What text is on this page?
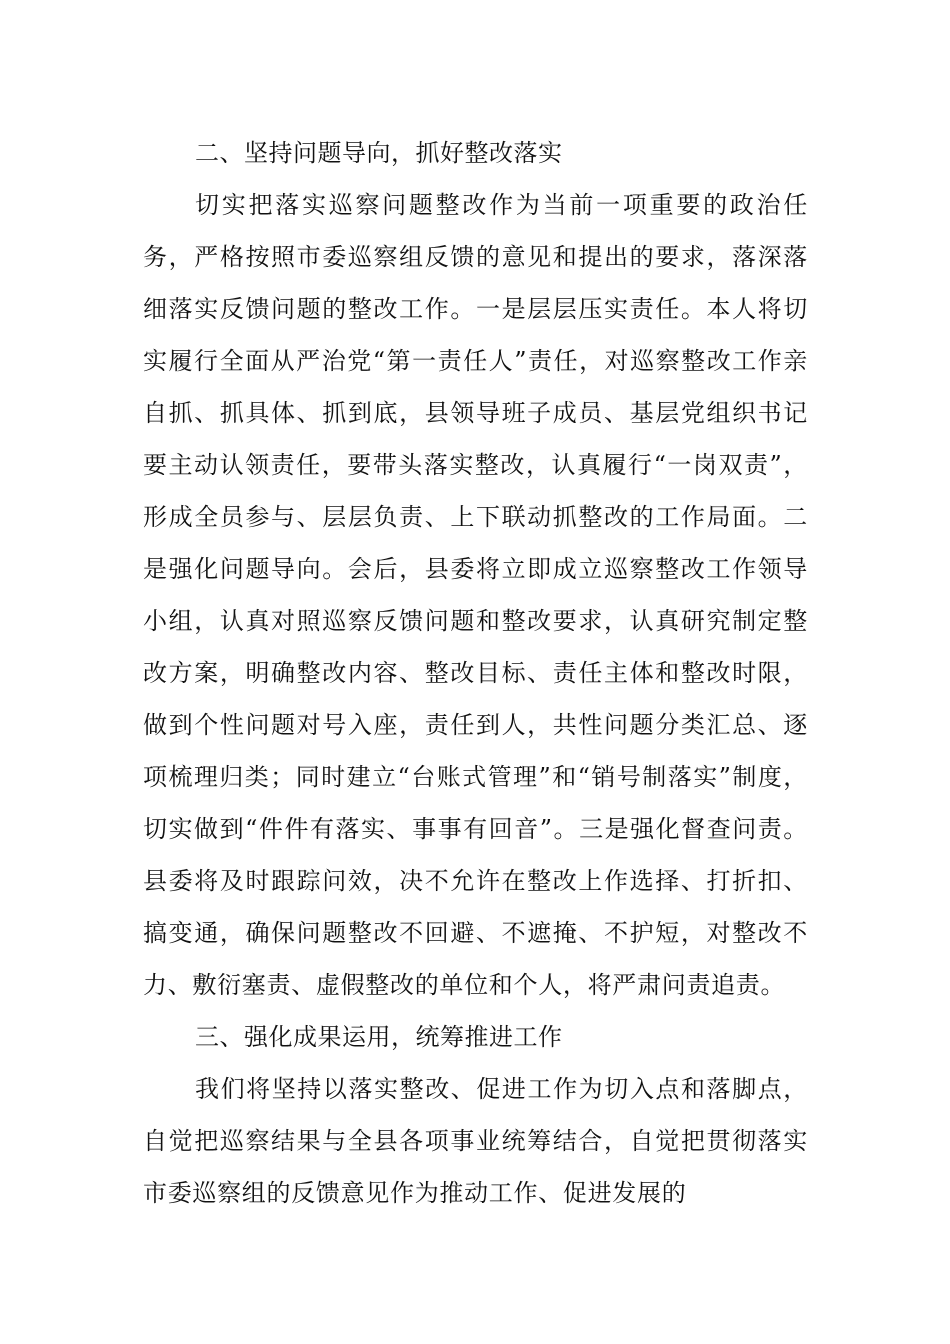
二、坚持问题导向，抓好整改落实

切实把落实巡察问题整改作为当前一项重要的政治任务，严格按照市委巡察组反馈的意见和提出的要求，落深落细落实反馈问题的整改工作。一是层层压实责任。本人将切实履行全面从严治党“第一责任人”责任，对巡察整改工作亲自抓、抓具体、抓到底，县领导班子成员、基层党组织书记要主动认领责任，要带头落实整改，认真履行“一岗双责”，形成全员参与、层层负责、上下联动抓整改的工作局面。二是强化问题导向。会后，县委将立即成立巡察整改工作领导小组，认真对照巡察反馈问题和整改要求，认真研究制定整改方案，明确整改内容、整改目标、责任主体和整改时限，做到个性问题对号入座，责任到人，共性问题分类汇总、逐项梳理归类；同时建立“台账式管理”和“销号制落实”制度，切实做到“件件有落实、事事有回音”。三是强化督查问责。县委将及时跟踪问效，决不允许在整改上作选择、打折扣、搞变通，确保问题整改不回避、不遮掩、不护短，对整改不力、敷衍塞责、虚假整改的单位和个人，将严肃问责追责。

三、强化成果运用，统筹推进工作

我们将坚持以落实整改、促进工作为切入点和落脚点，自觉把巡察结果与全县各项事业统筹结合，自觉把贯彻落实市委巡察组的反馈意见作为推动工作、促进发展的
